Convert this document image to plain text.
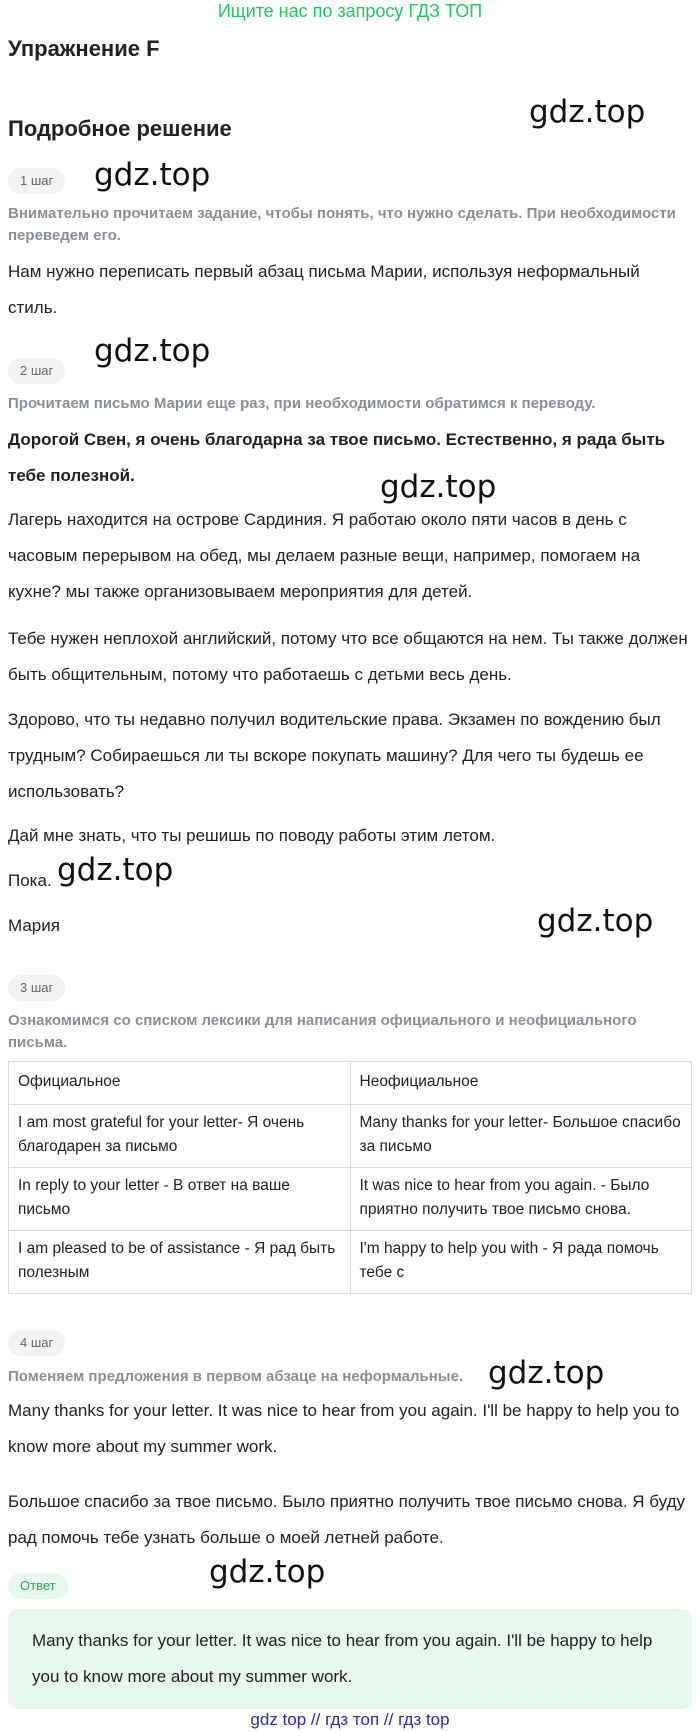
Ищите нас по запросу ГДЗ ТОП
Упражнение F
Подробное решение
1 шаг
Внимательно прочитаем задание, чтобы понять, что нужно сделать. При необходимости переведем его.
Нам нужно переписать первый абзац письма Марии, используя неформальный стиль.
2 шаг
Прочитаем письмо Марии еще раз, при необходимости обратимся к переводу.
Дорогой Свен, я очень благодарна за твое письмо. Естественно, я рада быть тебе полезной.
Лагерь находится на острове Сардиния. Я работаю около пяти часов в день с часовым перерывом на обед, мы делаем разные вещи, например, помогаем на кухне? мы также организовываем мероприятия для детей.
Тебе нужен неплохой английский, потому что все общаются на нем. Ты также должен быть общительным, потому что работаешь с детьми весь день.
Здорово, что ты недавно получил водительские права. Экзамен по вождению был трудным? Собираешься ли ты вскоре покупать машину? Для чего ты будешь ее использовать?
Дай мне знать, что ты решишь по поводу работы этим летом.
Пока.
Мария
3 шаг
Ознакомимся со списком лексики для написания официального и неофициального письма.
Официальное	Неофициальное
I am most grateful for your letter- Я очень благодарен за письмо	Many thanks for your letter- Большое спасибо за письмо
In reply to your letter - В ответ на ваше письмо	It was nice to hear from you again. - Было приятно получить твое письмо снова.
I am pleased to be of assistance - Я рад быть полезным	I'm happy to help you with - Я рада помочь тебе с
4 шаг
Поменяем предложения в первом абзаце на неформальные.
Many thanks for your letter. It was nice to hear from you again. I'll be happy to help you to know more about my summer work.
Большое спасибо за твое письмо. Было приятно получить твое письмо снова. Я буду рад помочь тебе узнать больше о моей летней работе.
Ответ
Many thanks for your letter. It was nice to hear from you again. I'll be happy to help you to know more about my summer work.
gdz top // гдз топ // гдз top
gdz.top
gdz.top
gdz.top
gdz.top
gdz.top
gdz.top
gdz.top
gdz.top
